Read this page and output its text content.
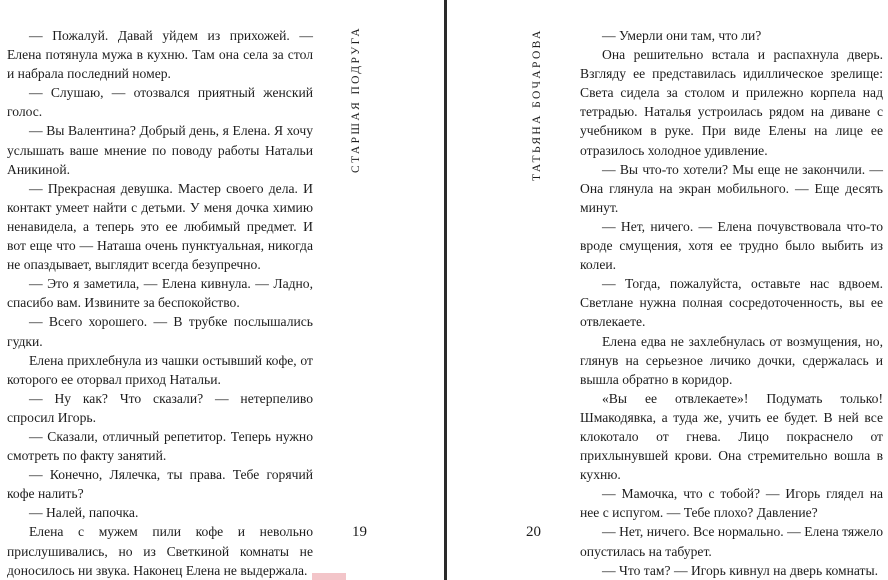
— Пожалуй. Давай уйдем из прихожей. — Елена потянула мужа в кухню. Там она села за стол и набрала последний номер.

— Слушаю, — отозвался приятный женский голос.

— Вы Валентина? Добрый день, я Елена. Я хочу услышать ваше мнение по поводу работы Натальи Аникиной.

— Прекрасная девушка. Мастер своего дела. И контакт умеет найти с детьми. У меня дочка химию ненавидела, а теперь это ее любимый предмет. И вот еще что — Наташа очень пунктуальная, никогда не опаздывает, выглядит всегда безупречно.

— Это я заметила, — Елена кивнула. — Ладно, спасибо вам. Извините за беспокойство.

— Всего хорошего. — В трубке послышались гудки.

Елена прихлебнула из чашки остывший кофе, от которого ее оторвал приход Натальи.

— Ну как? Что сказали? — нетерпеливо спросил Игорь.

— Сказали, отличный репетитор. Теперь нужно смотреть по факту занятий.

— Конечно, Лялечка, ты права. Тебе горячий кофе налить?

— Налей, папочка.

Елена с мужем пили кофе и невольно прислушивались, но из Светкиной комнаты не доносилось ни звука. Наконец Елена не выдержала.

СТАРШАЯ ПОДРУГА
19
ТАТЬЯНА БОЧАРОВА
20

— Умерли они там, что ли?

Она решительно встала и распахнула дверь. Взгляду ее представилась идиллическое зрелище: Света сидела за столом и прилежно корпела над тетрадью. Наталья устроилась рядом на диване с учебником в руке. При виде Елены на лице ее отразилось холодное удивление.

— Вы что-то хотели? Мы еще не закончили. — Она глянула на экран мобильного. — Еще десять минут.

— Нет, ничего. — Елена почувствовала что-то вроде смущения, хотя ее трудно было выбить из колеи.

— Тогда, пожалуйста, оставьте нас вдвоем. Светлане нужна полная сосредоточенность, вы ее отвлекаете.

Елена едва не захлебнулась от возмущения, но, глянув на серьезное личико дочки, сдержалась и вышла обратно в коридор.

«Вы ее отвлекаете»! Подумать только! Шмакодявка, а туда же, учить ее будет. В ней все клокотало от гнева. Лицо покраснело от прихлынувшей крови. Она стремительно вошла в кухню.

— Мамочка, что с тобой? — Игорь глядел на нее с испугом. — Тебе плохо? Давление?

— Нет, ничего. Все нормально. — Елена тяжело опустилась на табурет.

— Что там? — Игорь кивнул на дверь комнаты.
